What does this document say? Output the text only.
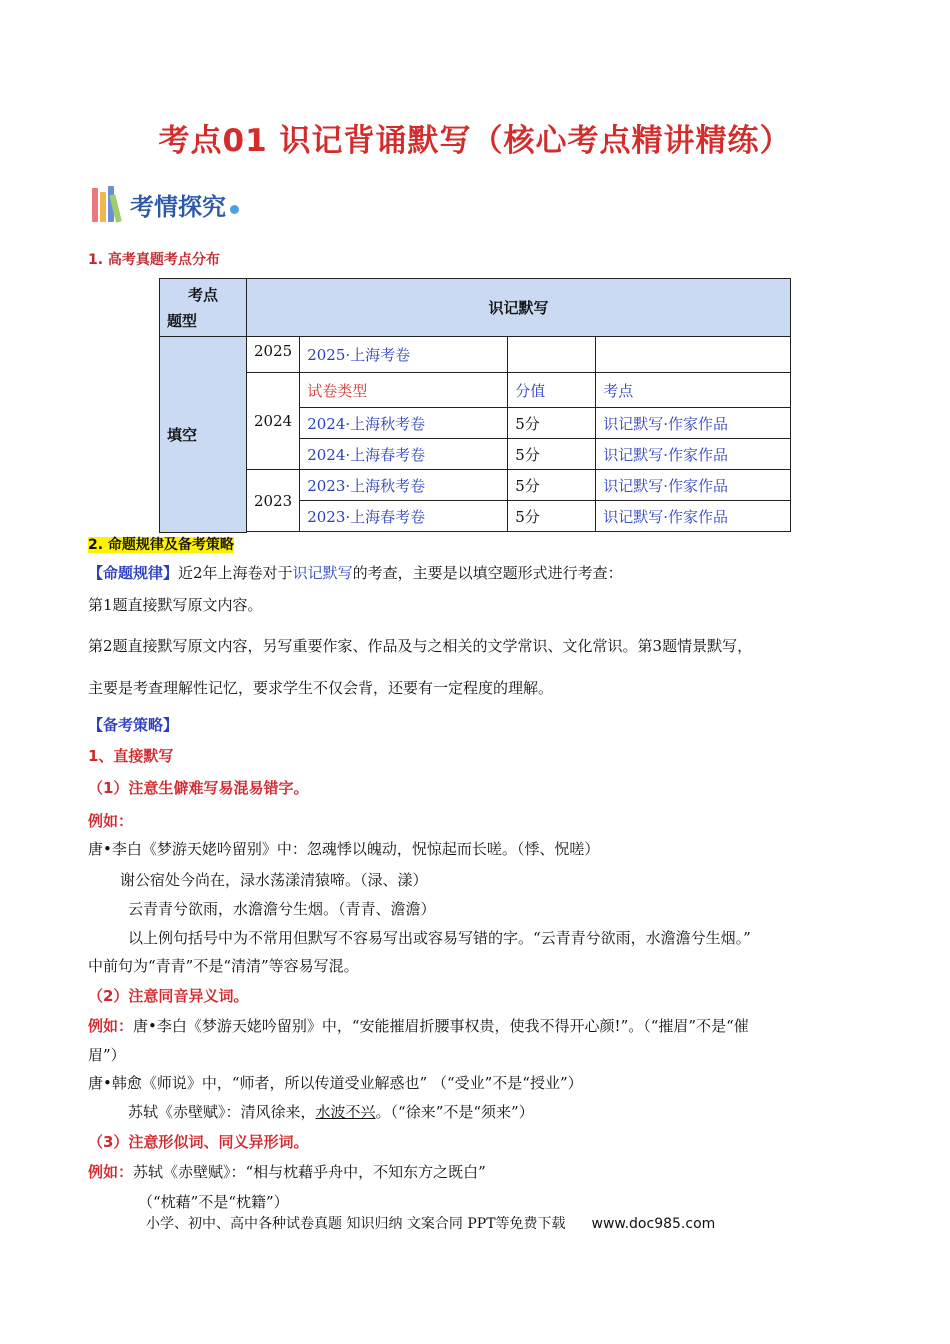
考点01 识记背诵默写（核心考点精讲精练）
考情探究
1. 高考真题考点分布
考点
题型	识记默写			
填空	2025	2025·上海考卷		
	2024	试卷类型	分值	考点
		2024·上海秋考卷	5分	识记默写·作家作品
		2024·上海春考卷	5分	识记默写·作家作品
	2023	2023·上海秋考卷	5分	识记默写·作家作品
		2023·上海春考卷	5分	识记默写·作家作品

2. 命题规律及备考策略
【命题规律】近2年上海卷对于识记默写的考查，主要是以填空题形式进行考查：
第1题直接默写原文内容。
第2题直接默写原文内容，另写重要作家、作品及与之相关的文学常识、文化常识。第3题情景默写，
主要是考查理解性记忆，要求学生不仅会背，还要有一定程度的理解。
【备考策略】
1、直接默写
（1）注意生僻难写易混易错字。
例如：
唐•李白《梦游天姥吟留别》中：忽魂悸以魄动，怳惊起而长嗟。（悸、怳嗟）
谢公宿处今尚在，渌水荡漾清猿啼。（渌、漾）
云青青兮欲雨，水澹澹兮生烟。（青青、澹澹）
以上例句括号中为不常用但默写不容易写出或容易写错的字。“云青青兮欲雨，水澹澹兮生烟。”
中前句为“青青”不是“清清”等容易写混。
（2）注意同音异义词。
例如：唐•李白《梦游天姥吟留别》中，“安能摧眉折腰事权贵，使我不得开心颜!”。（“摧眉”不是“催
眉”）
唐•韩愈《师说》中，“师者，所以传道受业解惑也” （“受业”不是“授业”）
苏轼《赤壁赋》：清风徐来，水波不兴。（“徐来”不是“须来”）
（3）注意形似词、同义异形词。
例如：苏轼《赤壁赋》：“相与枕藉乎舟中，不知东方之既白”
（“枕藉”不是“枕籍”）
小学、初中、高中各种试卷真题 知识归纳 文案合同 PPT等免费下载 www.doc985.com
